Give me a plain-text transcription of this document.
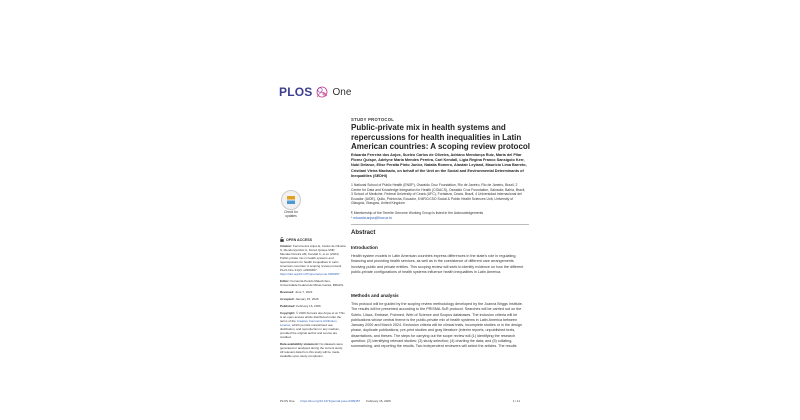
PLOS One
STUDY PROTOCOL
Public-private mix in health systems and repercussions for health inequalities in Latin American countries: A scoping review protocol

Eduarda Ferreira dos Anjos, Sueleo Carlos de Oliveira, Adriano Mendonça Ruiz, Maria del Pilar Florez Quispe, Adelyne Maria Mendes Pereira, Carl Kendall, Lígia Regina Franco Sansigolo Kerr, Nubi Delarue, Elise Peralta Pinto Junior, Natalia Romero, Alastair Leyland, Maurício Lima Barreto, Cristiani Vieira Machado, on behalf of the Unit on the Social and Environmental Determinants of Inequalities (SEDHI)

1 National School of Public Health (ENSP), Oswaldo Cruz Foundation, Rio de Janeiro, Rio de Janeiro, Brazil, 2 Centre for Data and Knowledge Integration for Health (CIDACS), Oswaldo Cruz Foundation, Salvador, Bahia, Brazil, 3 School of Medicine, Federal University of Ceará (UFC), Fortaleza, Ceará, Brazil, 4 Universidad Internacional del Ecuador (UIDE), Quito, Pichincha, Ecuador, 5 MRC/CSO Social & Public Health Sciences Unit, University of Glasgow, Glasgow, United Kingdom

¶ Membership of the Termite Genome Working Group is listed in the Acknowledgements
* eduarda.anjos@fiocruz.br

Check for
updates
OPEN ACCESS

Citation: Ferreira dos Anjos E, Carlos de Oliveira S, Mendonça Ruiz A, Florez Quispe MdP, Mendes Pereira AM, Kendall C, et al. (2024) Public-private mix in health systems and repercussions for health inequalities in Latin American countries: A scoping review protocol. PLoS One 21(2): e0309457. https://doi.org/10.1371/journal.pone.0309457

Editor: Fernanda Penido Matozinhos, Universidade Federal de Minas Gerais, BRAZIL

Received: June 7, 2024

Accepted: January 15, 2026

Published: February 16, 2026

Copyright: © 2026 Ferreira dos Anjos et al. This is an open access article distributed under the terms of the Creative Commons Attribution License, which permits unrestricted use, distribution, and reproduction in any medium, provided the original author and source are credited.

Data availability statement: No datasets were generated or analysed during the current study. All relevant data from this study will be made available upon study completion.

Abstract
Introduction

Health system models in Latin American countries express differences in the state's role in regulating, financing and providing health services, as well as in the coexistence of different care arrangements involving public and private entities. This scoping review will seek to identify evidence on how the different public-private configurations of health systems influence health inequalities in Latin America.

Methods and analysis

This protocol will be guided by the scoping review methodology developed by the Joanna Briggs Institute. The results will be presented according to the PRISMA-ScR protocol. Searches will be carried out on the Scielo, Lilacs, Embase, Pubmed, Web of Science and Scopus databases. The inclusion criteria will be publications whose central theme is the public-private mix of health systems in Latin America between January 2000 and March 2024. Exclusion criteria will be clinical trials, incomplete studies or in the design phase, duplicate publications, pre-print studies and gray literature (interim reports, unpublished texts, dissertations, and theses. The steps for carrying out the scope review will (1) identifying the research question; (2) identifying relevant studies; (3) study selection; (4) charting the data; and (5) collating, summarising, and reporting the results. Two independent reviewers will select the articles. The results

PLOS One https://doi.org/10.1371/journal.pone.0309457 February 16, 2026	1 / 11
